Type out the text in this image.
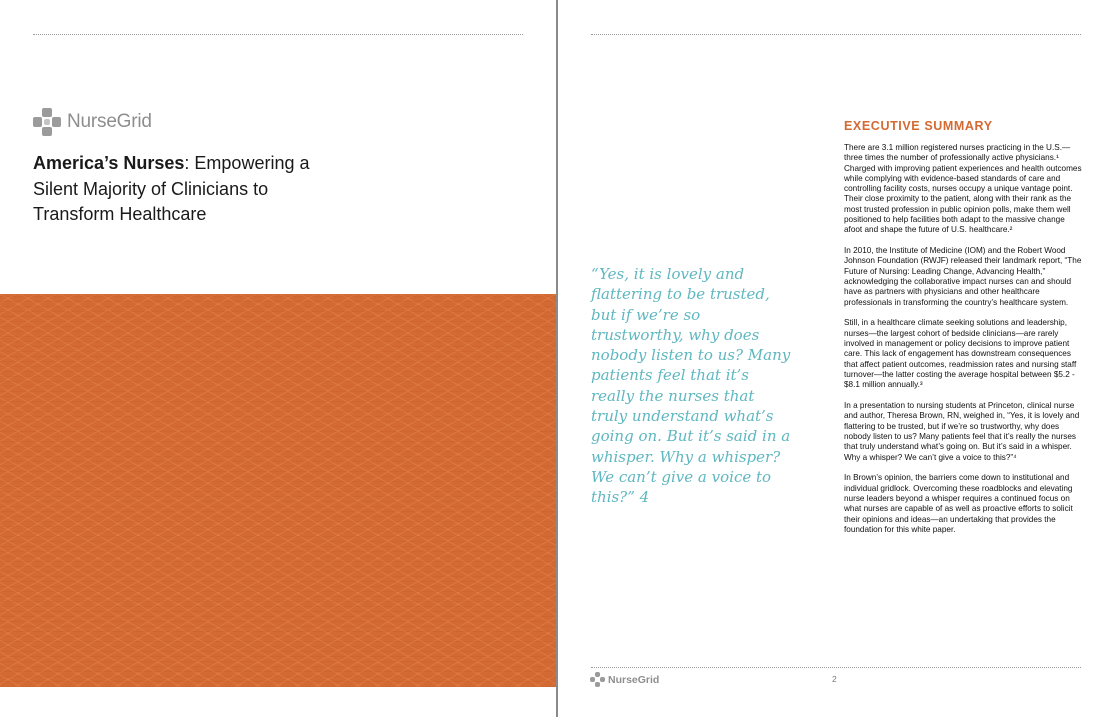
NurseGrid
America’s Nurses: Empowering a Silent Majority of Clinicians to Transform Healthcare
“Yes, it is lovely and flattering to be trusted, but if we’re so trustworthy, why does nobody listen to us? Many patients feel that it’s really the nurses that truly understand what’s going on. But it’s said in a whisper. Why a whisper? We can’t give a voice to this?” 4
EXECUTIVE SUMMARY

There are 3.1 million registered nurses practicing in the U.S.—three times the number of professionally active physicians.¹ Charged with improving patient experiences and health outcomes while complying with evidence-based standards of care and controlling facility costs, nurses occupy a unique vantage point. Their close proximity to the patient, along with their rank as the most trusted profession in public opinion polls, make them well positioned to help facilities both adapt to the massive change afoot and shape the future of U.S. healthcare.²

In 2010, the Institute of Medicine (IOM) and the Robert Wood Johnson Foundation (RWJF) released their landmark report, “The Future of Nursing: Leading Change, Advancing Health,” acknowledging the collaborative impact nurses can and should have as partners with physicians and other healthcare professionals in transforming the country’s healthcare system.

Still, in a healthcare climate seeking solutions and leadership, nurses—the largest cohort of bedside clinicians—are rarely involved in management or policy decisions to improve patient care. This lack of engagement has downstream consequences that affect patient outcomes, readmission rates and nursing staff turnover—the latter costing the average hospital between $5.2 - $8.1 million annually.³

In a presentation to nursing students at Princeton, clinical nurse and author, Theresa Brown, RN, weighed in, “Yes, it is lovely and flattering to be trusted, but if we’re so trustworthy, why does nobody listen to us? Many patients feel that it’s really the nurses that truly understand what’s going on. But it’s said in a whisper. Why a whisper? We can’t give a voice to this?”⁴

In Brown’s opinion, the barriers come down to institutional and individual gridlock. Overcoming these roadblocks and elevating nurse leaders beyond a whisper requires a continued focus on what nurses are capable of as well as proactive efforts to solicit their opinions and ideas—an undertaking that provides the foundation for this white paper.

NurseGrid	2
